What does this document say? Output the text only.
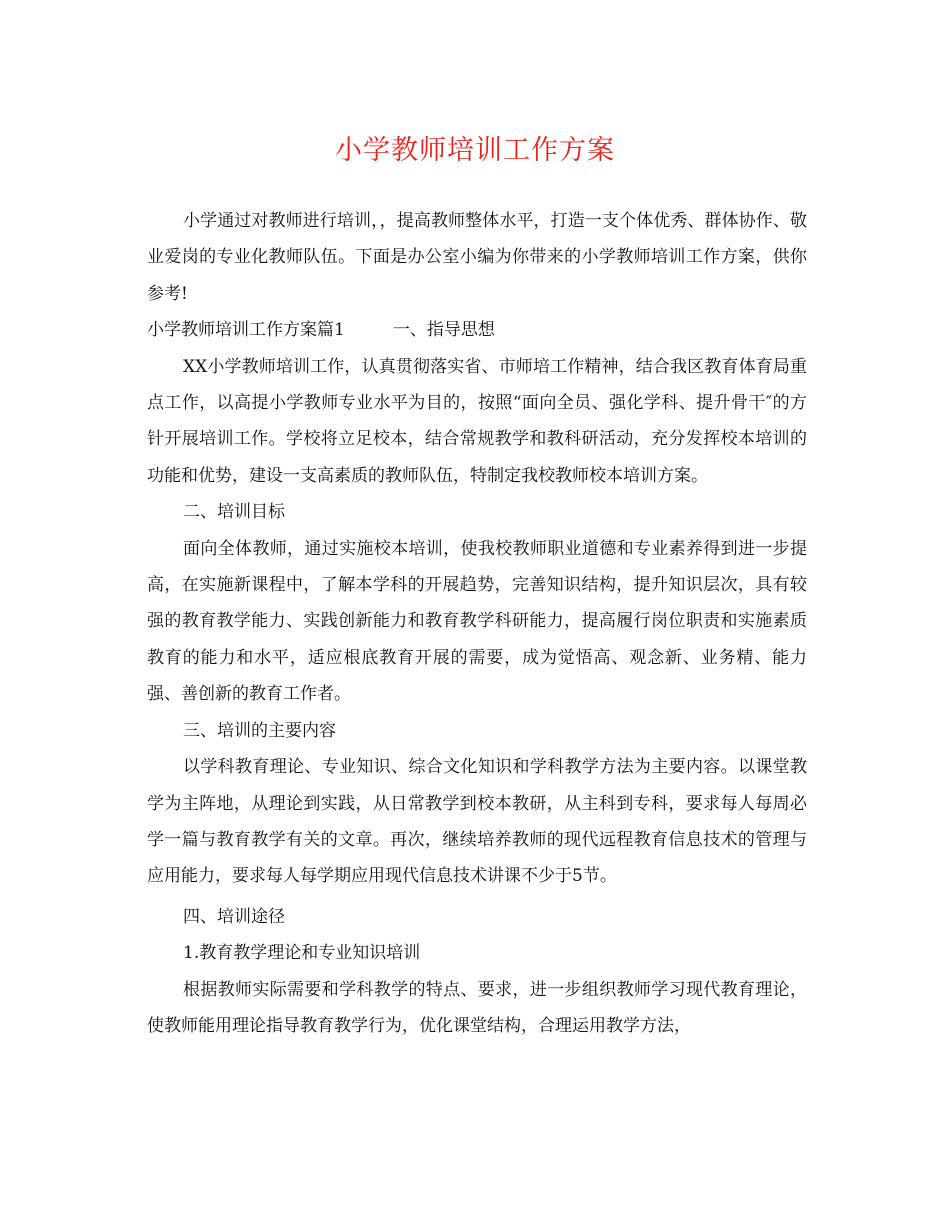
小学教师培训工作方案

小学通过对教师进行培训，，提高教师整体水平，打造一支个体优秀、群体协作、敬业爱岗的专业化教师队伍。下面是办公室小编为你带来的小学教师培训工作方案，供你参考!

小学教师培训工作方案篇1	一、指导思想

XX小学教师培训工作，认真贯彻落实省、市师培工作精神，结合我区教育体育局重点工作，以高提小学教师专业水平为目的，按照“面向全员、强化学科、提升骨干″的方针开展培训工作。学校将立足校本，结合常规教学和教科研活动，充分发挥校本培训的功能和优势，建设一支高素质的教师队伍，特制定我校教师校本培训方案。

二、培训目标

面向全体教师，通过实施校本培训，使我校教师职业道德和专业素养得到进一步提高，在实施新课程中，了解本学科的开展趋势，完善知识结构，提升知识层次，具有较强的教育教学能力、实践创新能力和教育教学科研能力，提高履行岗位职责和实施素质教育的能力和水平，适应根底教育开展的需要，成为觉悟高、观念新、业务精、能力强、善创新的教育工作者。

三、培训的主要内容

以学科教育理论、专业知识、综合文化知识和学科教学方法为主要内容。以课堂教学为主阵地，从理论到实践，从日常教学到校本教研，从主科到专科，要求每人每周必学一篇与教育教学有关的文章。再次，继续培养教师的现代远程教育信息技术的管理与应用能力，要求每人每学期应用现代信息技术讲课不少于5节。

四、培训途径

1.教育教学理论和专业知识培训

根据教师实际需要和学科教学的特点、要求，进一步组织教师学习现代教育理论，使教师能用理论指导教育教学行为，优化课堂结构，合理运用教学方法，
